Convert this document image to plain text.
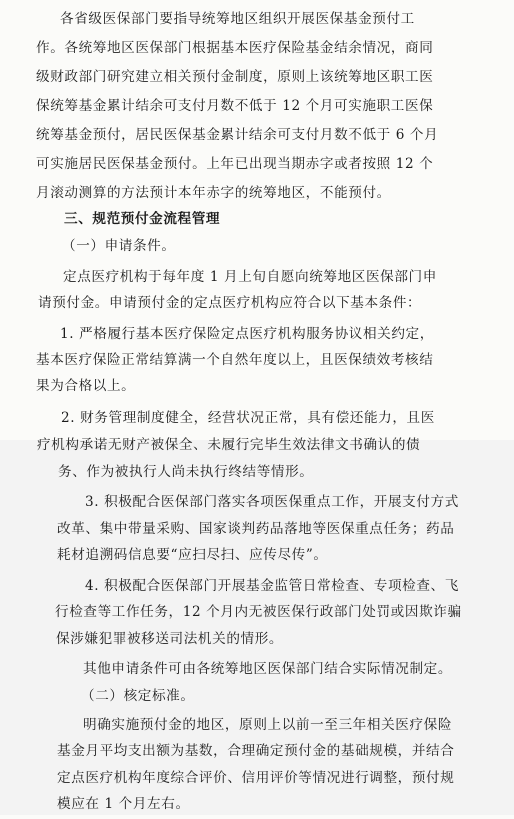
各省级医保部门要指导统筹地区组织开展医保基金预付工
作。各统筹地区医保部门根据基本医疗保险基金结余情况，商同
级财政部门研究建立相关预付金制度，原则上该统筹地区职工医
保统筹基金累计结余可支付月数不低于 12 个月可实施职工医保
统筹基金预付，居民医保基金累计结余可支付月数不低于 6 个月
可实施居民医保基金预付。上年已出现当期赤字或者按照 12 个
月滚动测算的方法预计本年赤字的统筹地区，不能预付。
三、规范预付金流程管理
（一）申请条件。
定点医疗机构于每年度 1 月上旬自愿向统筹地区医保部门申
请预付金。申请预付金的定点医疗机构应符合以下基本条件：
1. 严格履行基本医疗保险定点医疗机构服务协议相关约定，
基本医疗保险正常结算满一个自然年度以上，且医保绩效考核结
果为合格以上。
2. 财务管理制度健全，经营状况正常，具有偿还能力，且医
疗机构承诺无财产被保全、未履行完毕生效法律文书确认的债
务、作为被执行人尚未执行终结等情形。
3. 积极配合医保部门落实各项医保重点工作，开展支付方式
改革、集中带量采购、国家谈判药品落地等医保重点任务；药品
耗材追溯码信息要“应扫尽扫、应传尽传”。
4. 积极配合医保部门开展基金监管日常检查、专项检查、飞
行检查等工作任务，12 个月内无被医保行政部门处罚或因欺诈骗
保涉嫌犯罪被移送司法机关的情形。
其他申请条件可由各统筹地区医保部门结合实际情况制定。
（二）核定标准。
明确实施预付金的地区，原则上以前一至三年相关医疗保险
基金月平均支出额为基数，合理确定预付金的基础规模，并结合
定点医疗机构年度综合评价、信用评价等情况进行调整，预付规
模应在 1 个月左右。
